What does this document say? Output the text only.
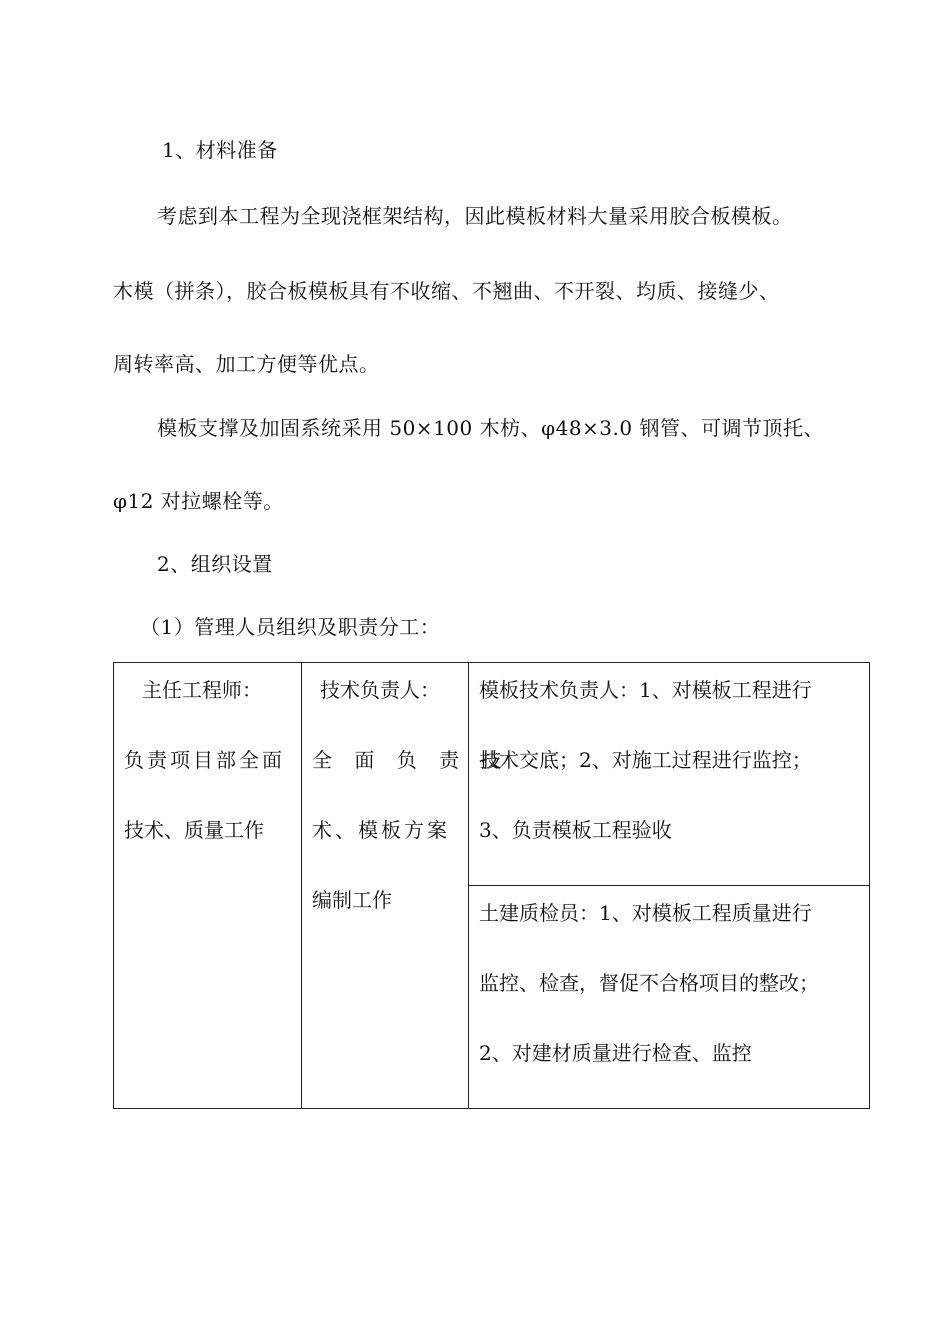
1、材料准备
考虑到本工程为全现浇框架结构，因此模板材料大量采用胶合板模板。
木模（拼条），胶合板模板具有不收缩、不翘曲、不开裂、均质、接缝少、
周转率高、加工方便等优点。
模板支撑及加固系统采用 50×100 木枋、φ48×3.0 钢管、可调节顶托、
φ12 对拉螺栓等。
2、组织设置
（1）管理人员组织及职责分工：
主任工程师：
负责项目部全面
技术、质量工作

技术负责人：
全 面 负 责 技
术、模板方案
编制工作

模板技术负责人：1、对模板工程进行
技术交底；2、对施工过程进行监控；
3、负责模板工程验收

土建质检员：1、对模板工程质量进行
监控、检查，督促不合格项目的整改；
2、对建材质量进行检查、监控
